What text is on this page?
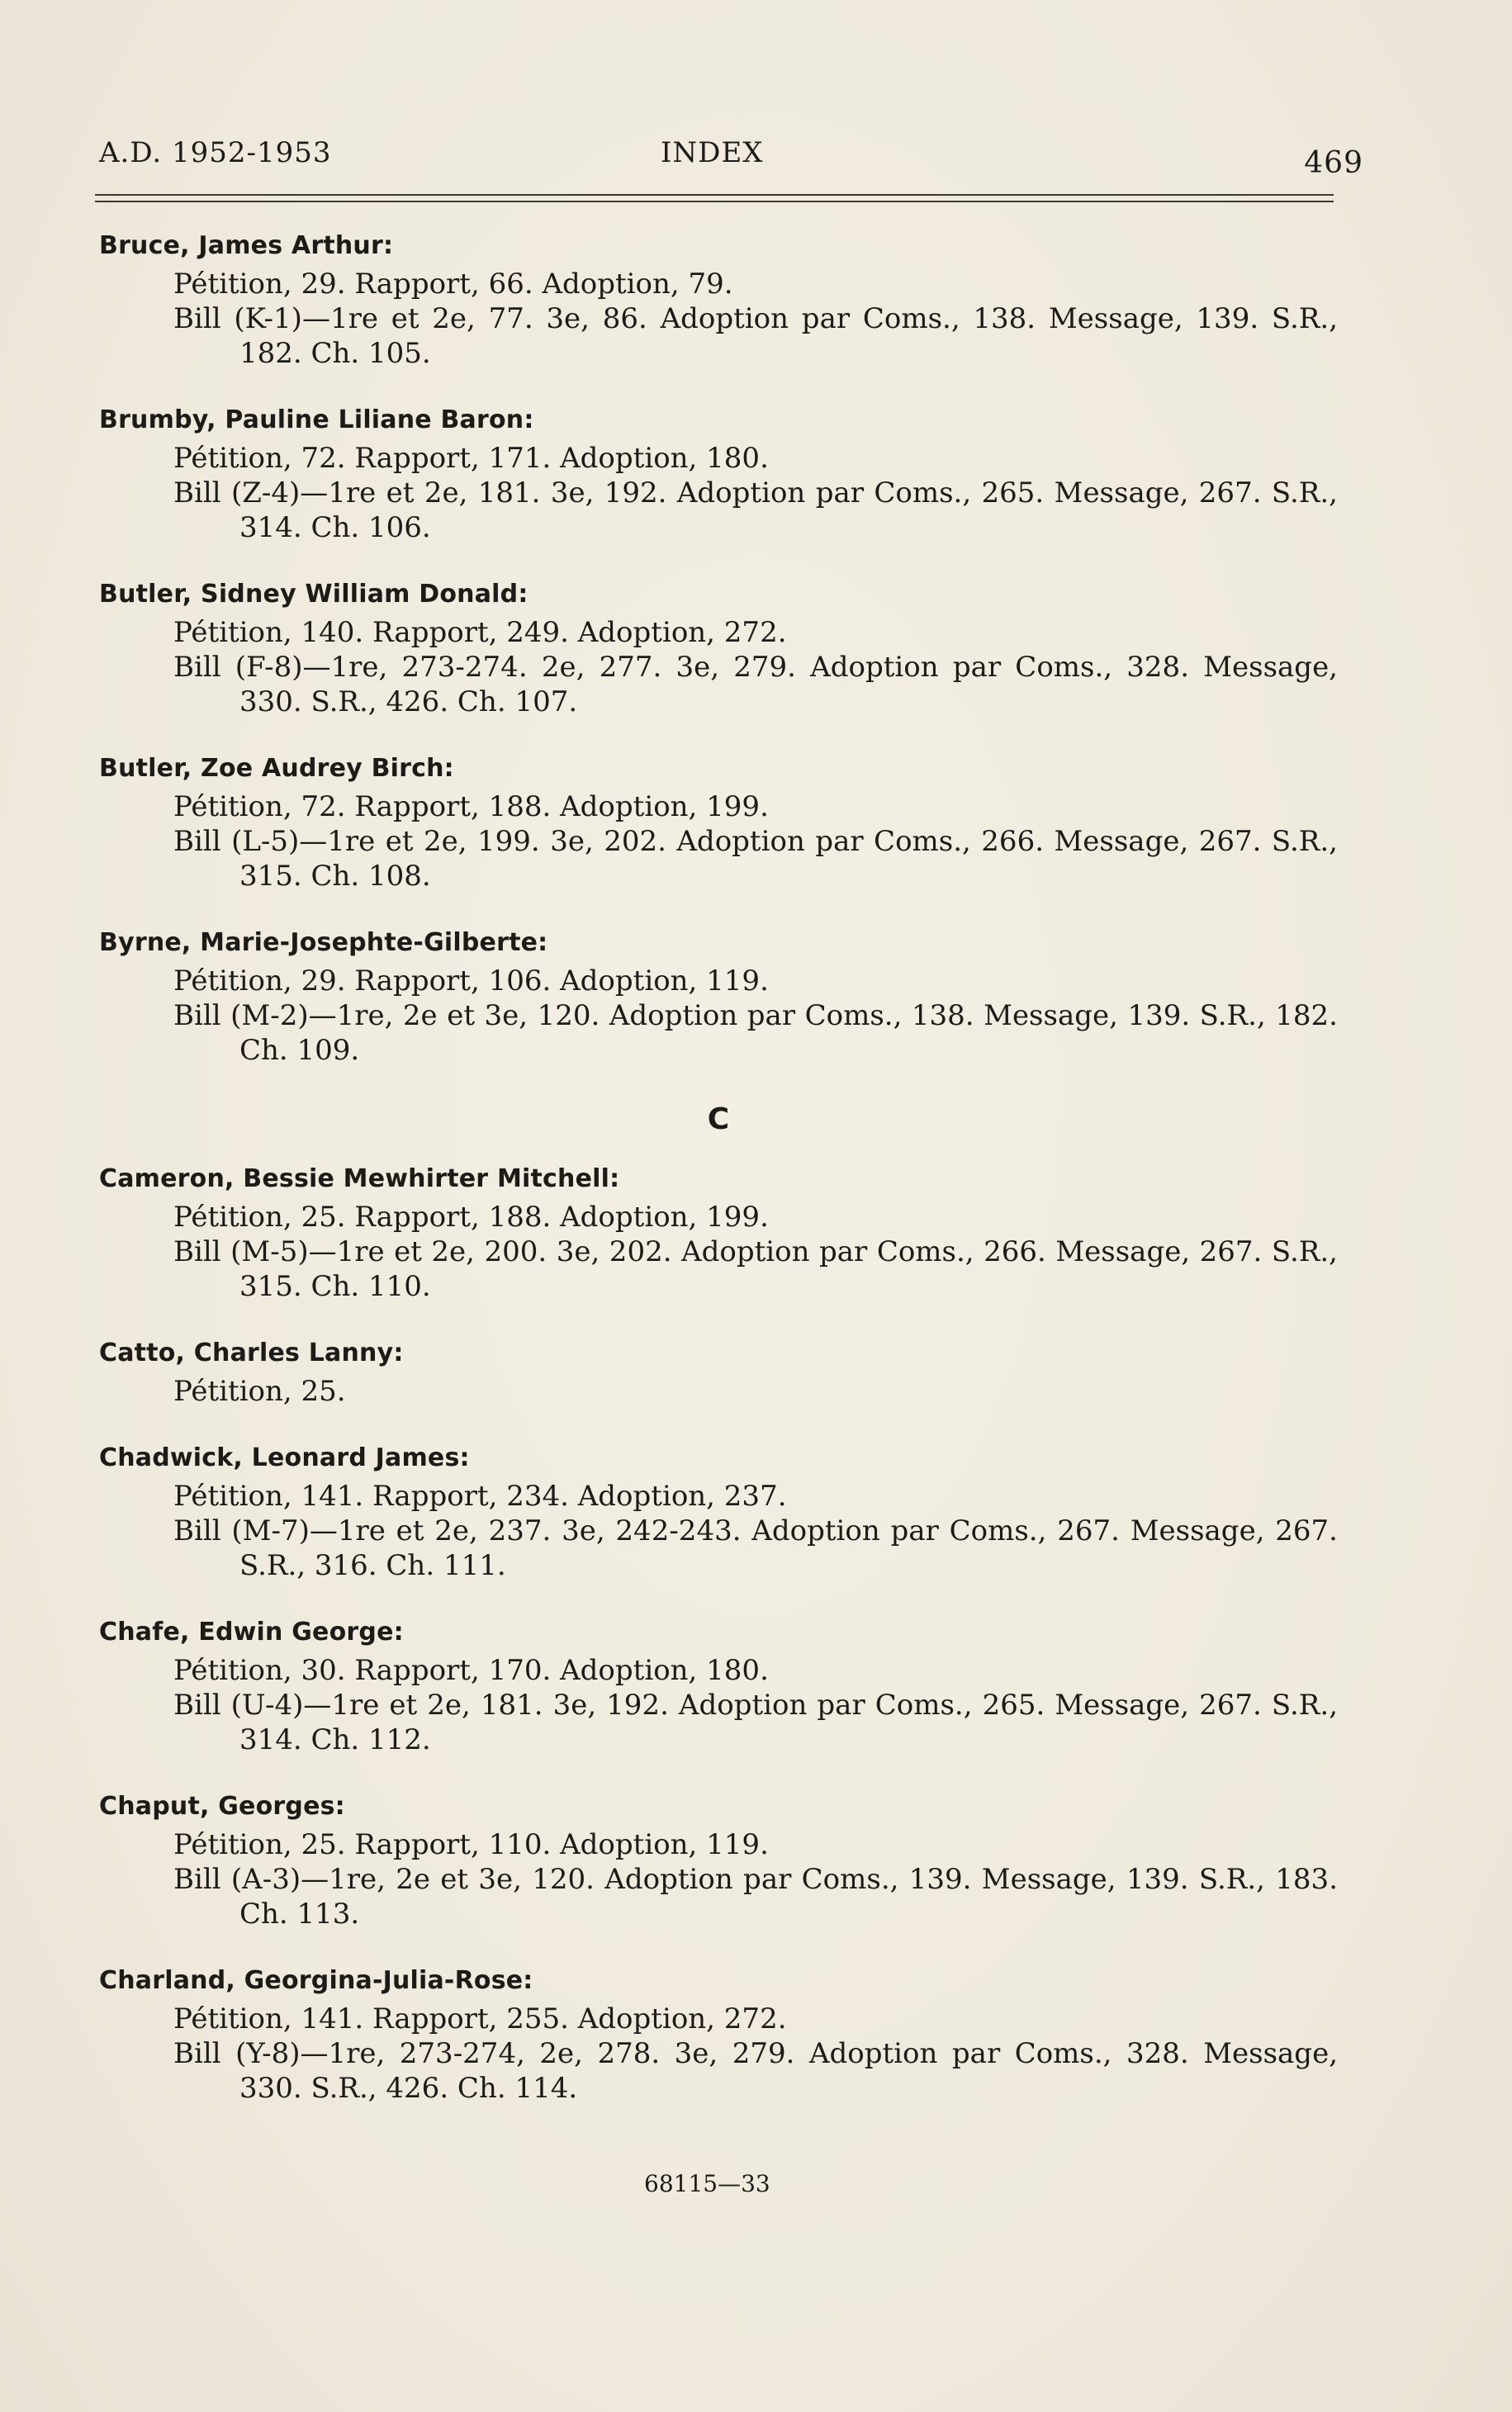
A.D. 1952-1953	INDEX	469
Bruce, James Arthur:
Pétition, 29. Rapport, 66. Adoption, 79.
Bill (K-1)—1re et 2e, 77. 3e, 86. Adoption par Coms., 138. Message, 139. S.R., 182. Ch. 105.
Brumby, Pauline Liliane Baron:
Pétition, 72. Rapport, 171. Adoption, 180.
Bill (Z-4)—1re et 2e, 181. 3e, 192. Adoption par Coms., 265. Message, 267. S.R., 314. Ch. 106.
Butler, Sidney William Donald:
Pétition, 140. Rapport, 249. Adoption, 272.
Bill (F-8)—1re, 273-274. 2e, 277. 3e, 279. Adoption par Coms., 328. Message, 330. S.R., 426. Ch. 107.
Butler, Zoe Audrey Birch:
Pétition, 72. Rapport, 188. Adoption, 199.
Bill (L-5)—1re et 2e, 199. 3e, 202. Adoption par Coms., 266. Message, 267. S.R., 315. Ch. 108.
Byrne, Marie-Josephte-Gilberte:
Pétition, 29. Rapport, 106. Adoption, 119.
Bill (M-2)—1re, 2e et 3e, 120. Adoption par Coms., 138. Message, 139. S.R., 182. Ch. 109.
C
Cameron, Bessie Mewhirter Mitchell:
Pétition, 25. Rapport, 188. Adoption, 199.
Bill (M-5)—1re et 2e, 200. 3e, 202. Adoption par Coms., 266. Message, 267. S.R., 315. Ch. 110.
Catto, Charles Lanny:
Pétition, 25.
Chadwick, Leonard James:
Pétition, 141. Rapport, 234. Adoption, 237.
Bill (M-7)—1re et 2e, 237. 3e, 242-243. Adoption par Coms., 267. Message, 267. S.R., 316. Ch. 111.
Chafe, Edwin George:
Pétition, 30. Rapport, 170. Adoption, 180.
Bill (U-4)—1re et 2e, 181. 3e, 192. Adoption par Coms., 265. Message, 267. S.R., 314. Ch. 112.
Chaput, Georges:
Pétition, 25. Rapport, 110. Adoption, 119.
Bill (A-3)—1re, 2e et 3e, 120. Adoption par Coms., 139. Message, 139. S.R., 183. Ch. 113.
Charland, Georgina-Julia-Rose:
Pétition, 141. Rapport, 255. Adoption, 272.
Bill (Y-8)—1re, 273-274, 2e, 278. 3e, 279. Adoption par Coms., 328. Message, 330. S.R., 426. Ch. 114.
68115—33
